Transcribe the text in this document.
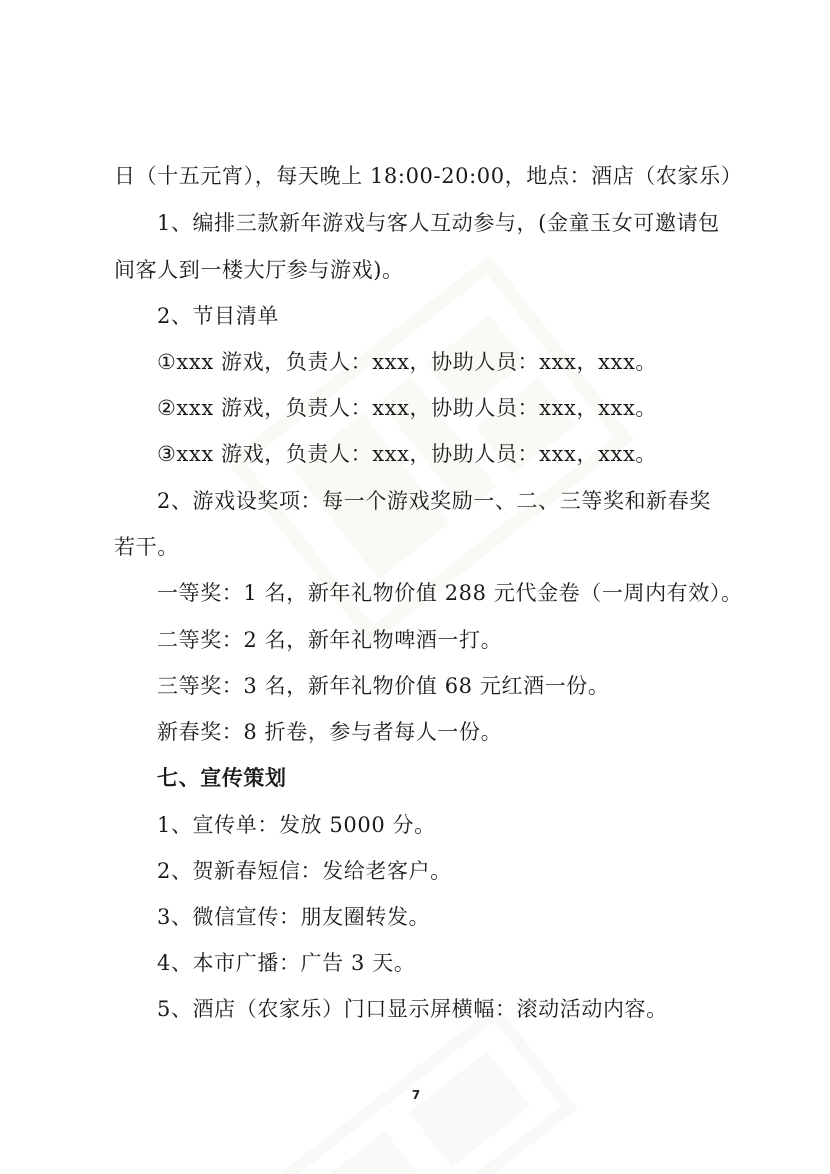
日（十五元宵），每天晚上 18:00-20:00，地点：酒店（农家乐）
1、编排三款新年游戏与客人互动参与，(金童玉女可邀请包
间客人到一楼大厅参与游戏)。
2、节目清单
①xxx 游戏，负责人：xxx，协助人员：xxx，xxx。
②xxx 游戏，负责人：xxx，协助人员：xxx，xxx。
③xxx 游戏，负责人：xxx，协助人员：xxx，xxx。
2、游戏设奖项：每一个游戏奖励一、二、三等奖和新春奖
若干。
一等奖：1 名，新年礼物价值 288 元代金卷（一周内有效）。
二等奖：2 名，新年礼物啤酒一打。
三等奖：3 名，新年礼物价值 68 元红酒一份。
新春奖：8 折卷，参与者每人一份。
七、宣传策划
1、宣传单：发放 5000 分。
2、贺新春短信：发给老客户。
3、微信宣传：朋友圈转发。
4、本市广播：广告 3 天。
5、酒店（农家乐）门口显示屏横幅：滚动活动内容。
7
